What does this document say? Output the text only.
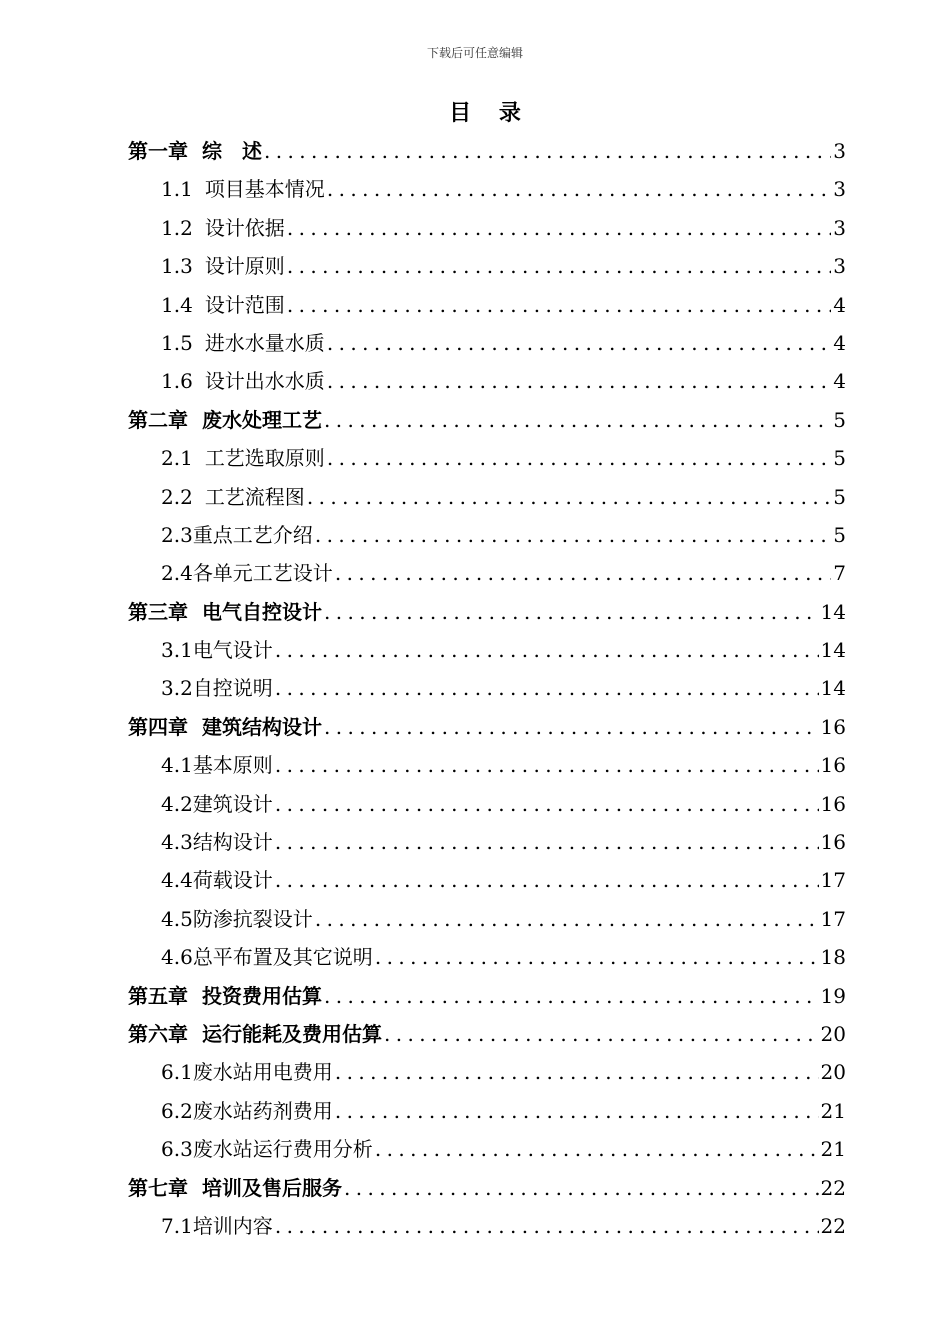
下载后可任意编辑
目 录
第一章 综　述 .....	3
1.1 项目基本情况 .....	3
1.2 设计依据 .....	3
1.3 设计原则 .....	3
1.4 设计范围 .....	4
1.5 进水水量水质 .....	4
1.6 设计出水水质 .....	4
第二章 废水处理工艺 .....	5
2.1 工艺选取原则 .....	5
2.2 工艺流程图 .....	5
2.3重点工艺介绍 .....	5
2.4各单元工艺设计 .....	7
第三章 电气自控设计 .....	14
3.1电气设计 .....	14
3.2自控说明 .....	14
第四章 建筑结构设计 .....	16
4.1基本原则 .....	16
4.2建筑设计 .....	16
4.3结构设计 .....	16
4.4荷载设计 .....	17
4.5防渗抗裂设计 .....	17
4.6总平布置及其它说明 .....	18
第五章 投资费用估算 .....	19
第六章 运行能耗及费用估算 .....	20
6.1废水站用电费用 .....	20
6.2废水站药剂费用 .....	21
6.3废水站运行费用分析 .....	21
第七章 培训及售后服务 .....	22
7.1培训内容 .....	22
